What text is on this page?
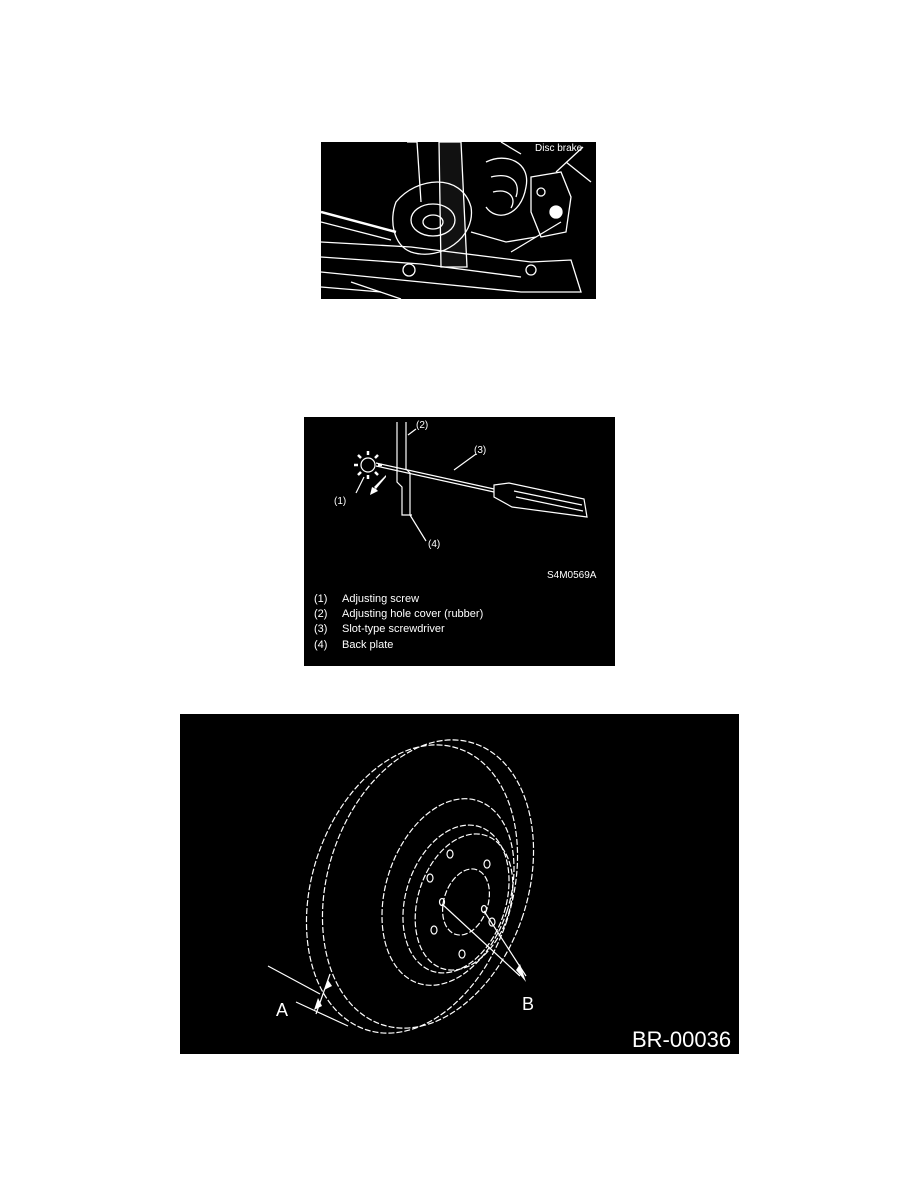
Disc brake
(2)
(3)
(1)
(4)
S4M0569A
(1) Adjusting screw
(2) Adjusting hole cover (rubber)
(3) Slot-type screwdriver
(4) Back plate
A	B
BR-00036
